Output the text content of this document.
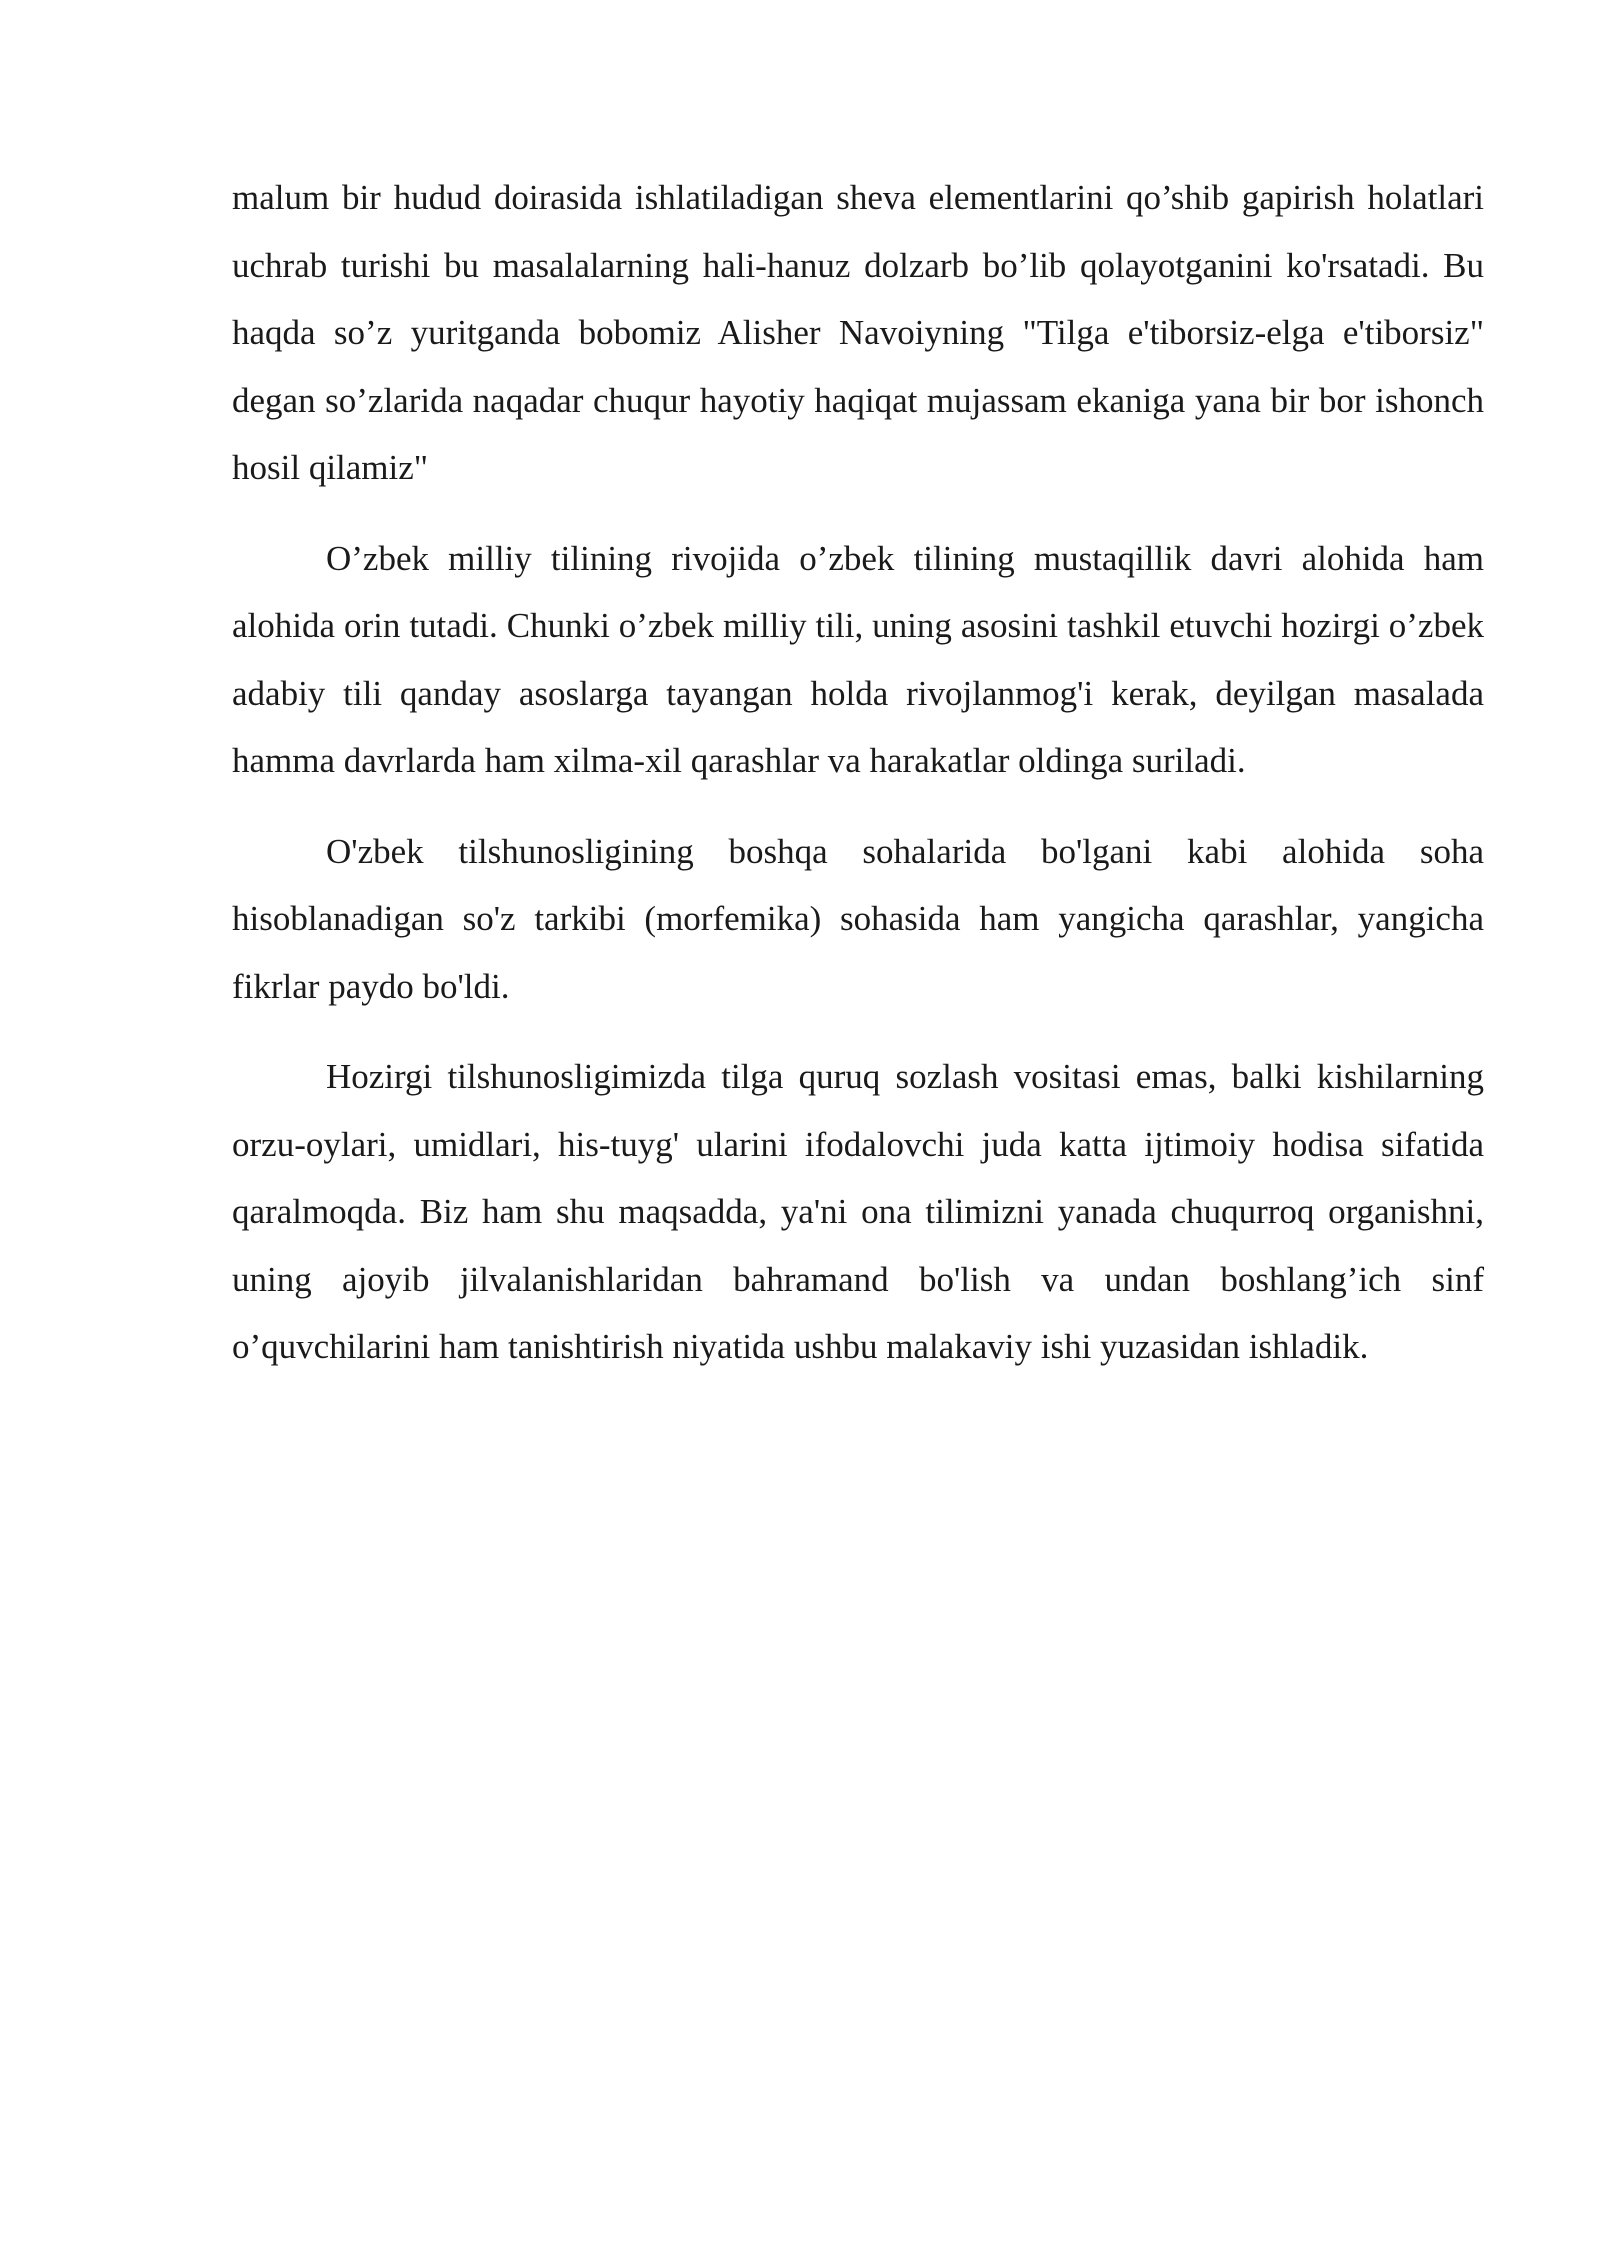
malum bir hudud doirasida ishlatiladigan sheva elementlarini qo’shib gapirish holatlari uchrab turishi bu masalalarning hali-hanuz dolzarb bo’lib qolayotganini ko'rsatadi. Bu haqda so’z yuritganda bobomiz Alisher Navoiyning "Tilga e'tiborsiz-elga e'tiborsiz" degan so’zlarida naqadar chuqur hayotiy haqiqat mujassam ekaniga yana bir bor ishonch hosil qilamiz"

O’zbek milliy tilining rivojida o’zbek tilining mustaqillik davri alohida ham alohida orin tutadi. Chunki o’zbek milliy tili, uning asosini tashkil etuvchi hozirgi o’zbek adabiy tili qanday asoslarga tayangan holda rivojlanmog'i kerak, deyilgan masalada hamma davrlarda ham xilma-xil qarashlar va harakatlar oldinga suriladi.

O'zbek tilshunosligining boshqa sohalarida bo'lgani kabi alohida soha hisoblanadigan so'z tarkibi (morfemika) sohasida ham yangicha qarashlar, yangicha fikrlar paydo bo'ldi.

Hozirgi tilshunosligimizda tilga quruq sozlash vositasi emas, balki kishilarning orzu-oylari, umidlari, his-tuyg' ularini ifodalovchi juda katta ijtimoiy hodisa sifatida qaralmoqda. Biz ham shu maqsadda, ya'ni ona tilimizni yanada chuqurroq organishni, uning ajoyib jilvalanishlaridan bahramand bo'lish va undan boshlang’ich sinf o’quvchilarini ham tanishtirish niyatida ushbu malakaviy ishi yuzasidan ishladik.
